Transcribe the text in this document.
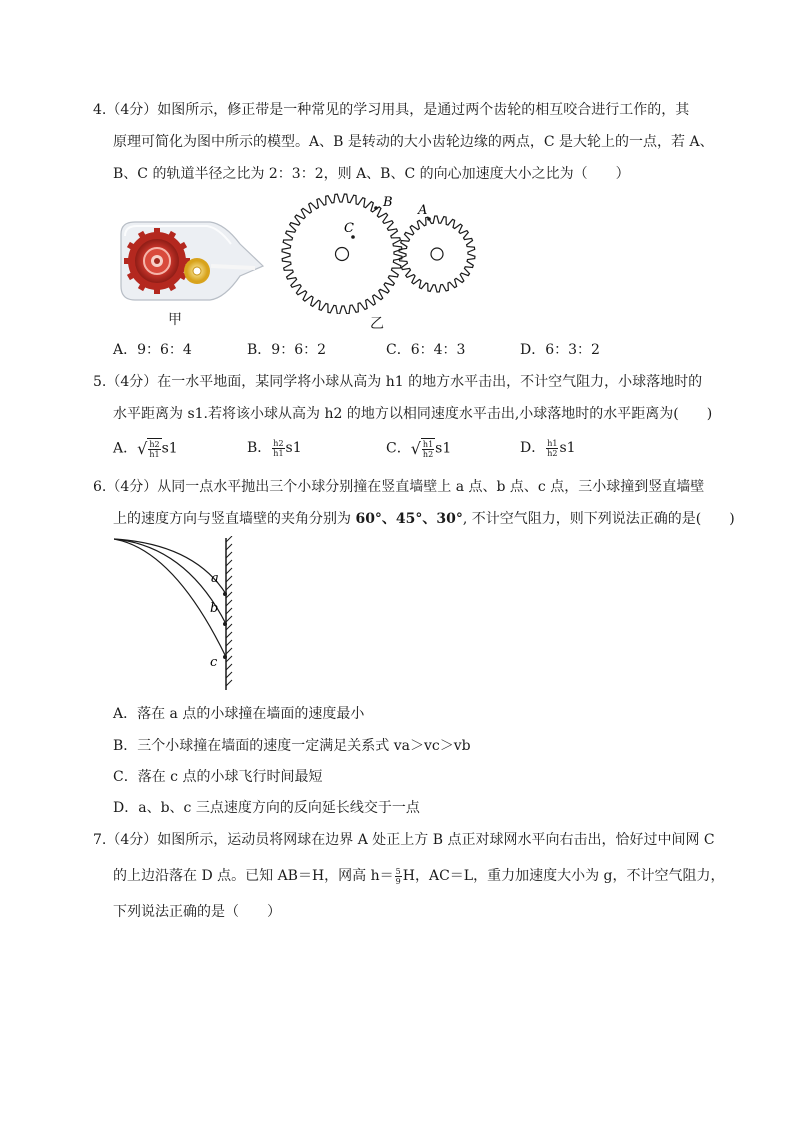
4.（4分）如图所示，修正带是一种常见的学习用具，是通过两个齿轮的相互咬合进行工作的，其
原理可简化为图中所示的模型。A、B 是转动的大小齿轮边缘的两点，C 是大轮上的一点，若 A、
B、C 的轨道半径之比为 2：3：2，则 A、B、C 的向心加速度大小之比为（　　）
甲
C
B
A
乙
A．9：6：4	B．9：6：2	C．6：4：3	D．6：3：2
5.（4分）在一水平地面，某同学将小球从高为 h1 的地方水平击出，不计空气阻力，小球落地时的
水平距离为 s1.若将该小球从高为 h2 的地方以相同速度水平击出,小球落地时的水平距离为(　　)
A． √ $\frac{h2}{h1} s1$	B． $\frac{h2}{h1} s1$	C． √ $\frac{h1}{h2} s1$	D． $\frac{h1}{h2} s1$
6.（4分）从同一点水平抛出三个小球分别撞在竖直墙壁上 a 点、b 点、c 点，三小球撞到竖直墙壁
上的速度方向与竖直墙壁的夹角分别为 60°、45°、30°, 不计空气阻力，则下列说法正确的是(　　)
a
b
c
A．落在 a 点的小球撞在墙面的速度最小
B．三个小球撞在墙面的速度一定满足关系式 va＞vc＞vb
C．落在 c 点的小球飞行时间最短
D．a、b、c 三点速度方向的反向延长线交于一点
7.（4分）如图所示，运动员将网球在边界 A 处正上方 B 点正对球网水平向右击出，恰好过中间网 C
的上边沿落在 D 点。已知 AB＝H，网高 $h= \frac{5}{9}$ H，AC＝L，重力加速度大小为 g，不计空气阻力，
下列说法正确的是（　　）
